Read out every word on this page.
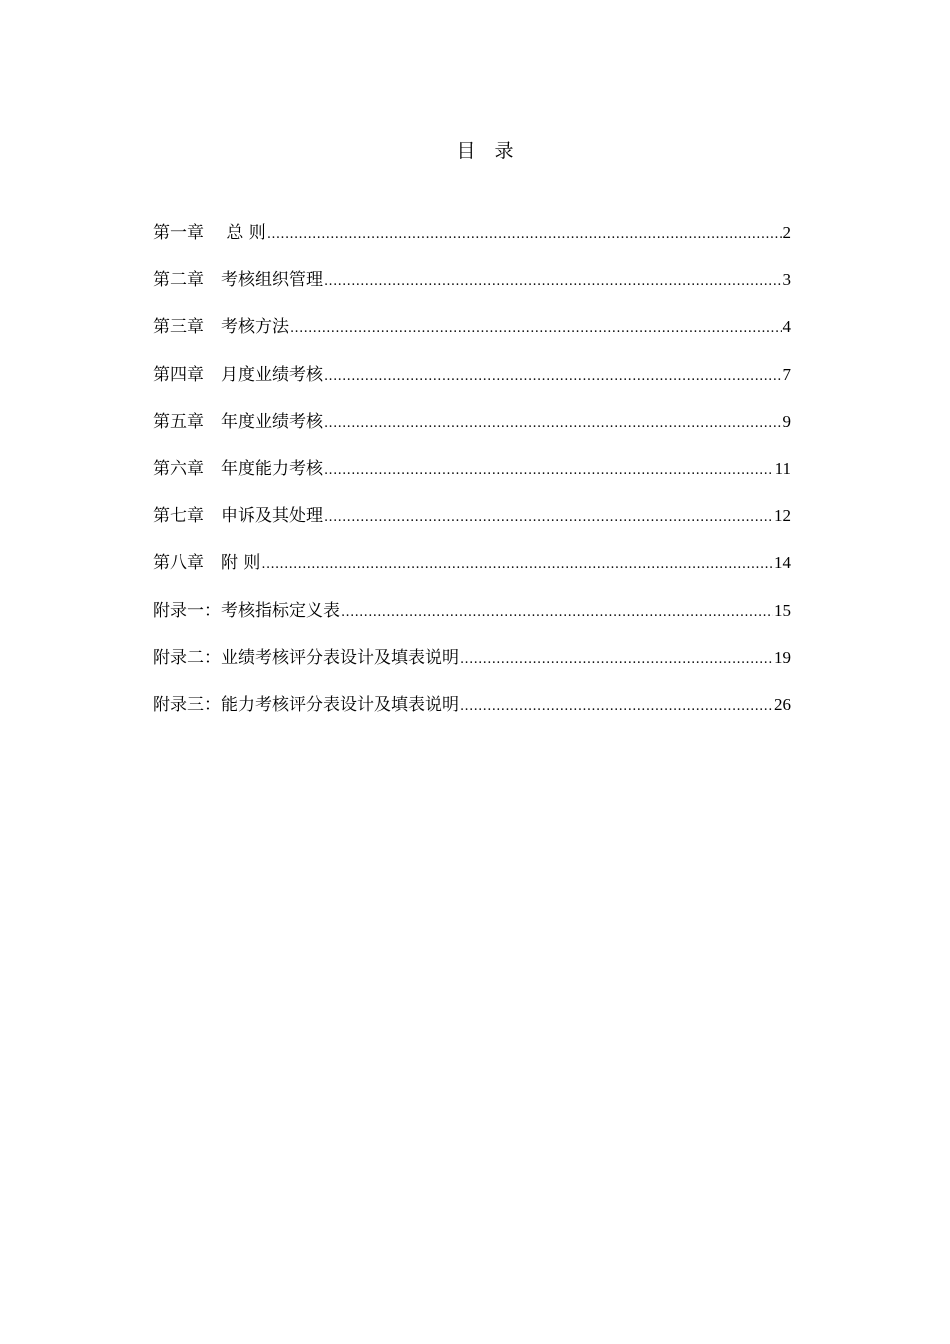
目　录
第一章　 总 则 .....	2
第二章　考核组织管理 .....	3
第三章　考核方法 .....	4
第四章　月度业绩考核 .....	7
第五章　年度业绩考核 .....	9
第六章　年度能力考核 .....	11
第七章　申诉及其处理 .....	12
第八章　附 则 .....	14
附录一：考核指标定义表 .....	15
附录二：业绩考核评分表设计及填表说明 .....	19
附录三：能力考核评分表设计及填表说明 .....	26
